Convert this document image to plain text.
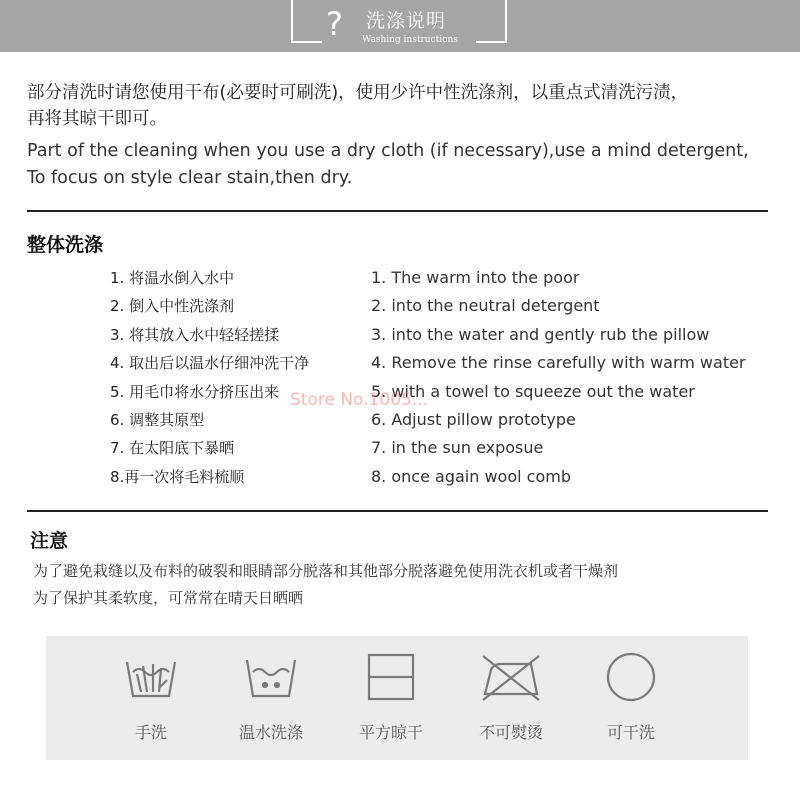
? 洗涤说明
Washing instructions
部分清洗时请您使用干布(必要时可刷洗)，使用少许中性洗涤剂，以重点式清洗污渍，
再将其晾干即可。
Part of the cleaning when you use a dry cloth (if necessary),use a mind detergent,
To focus on style clear stain,then dry.
整体洗涤
1. 将温水倒入水中
2. 倒入中性洗涤剂
3. 将其放入水中轻轻搓揉
4. 取出后以温水仔细冲洗干净
5. 用毛巾将水分挤压出来
6. 调整其原型
7. 在太阳底下暴晒
8.再一次将毛料梳顺
1. The warm into the poor
2. into the neutral detergent
3. into the water and gently rub the pillow
4. Remove the rinse carefully with warm water
5. with a towel to squeeze out the water
6. Adjust pillow prototype
7. in the sun exposue
8. once again wool comb
Store No.1005...
注意
为了避免栽缝以及布料的破裂和眼睛部分脱落和其他部分脱落避免使用洗衣机或者干燥剂
为了保护其柔软度，可常常在晴天日晒晒
手洗	温水洗涤	平方晾干	不可熨烫	可干洗
